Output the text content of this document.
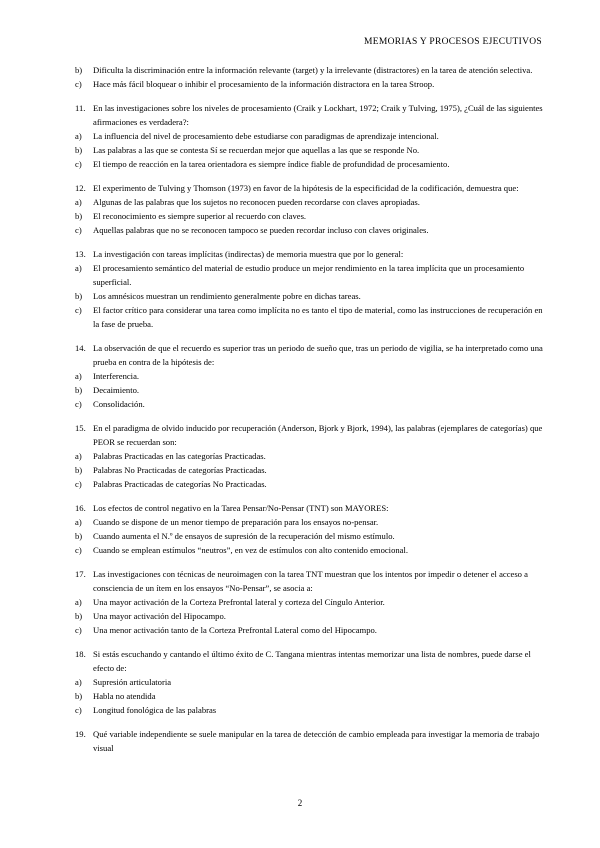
MEMORIAS Y PROCESOS EJECUTIVOS
b) Dificulta la discriminación entre la información relevante (target) y la irrelevante (distractores) en la tarea de atención selectiva.
c) Hace más fácil bloquear o inhibir el procesamiento de la información distractora en la tarea Stroop.
11. En las investigaciones sobre los niveles de procesamiento (Craik y Lockhart, 1972; Craik y Tulving, 1975), ¿Cuál de las siguientes afirmaciones es verdadera?:
a) La influencia del nivel de procesamiento debe estudiarse con paradigmas de aprendizaje intencional.
b) Las palabras a las que se contesta Sí se recuerdan mejor que aquellas a las que se responde No.
c) El tiempo de reacción en la tarea orientadora es siempre índice fiable de profundidad de procesamiento.
12. El experimento de Tulving y Thomson (1973) en favor de la hipótesis de la especificidad de la codificación, demuestra que:
a) Algunas de las palabras que los sujetos no reconocen pueden recordarse con claves apropiadas.
b) El reconocimiento es siempre superior al recuerdo con claves.
c) Aquellas palabras que no se reconocen tampoco se pueden recordar incluso con claves originales.
13. La investigación con tareas implícitas (indirectas) de memoria muestra que por lo general:
a) El procesamiento semántico del material de estudio produce un mejor rendimiento en la tarea implícita que un procesamiento superficial.
b) Los amnésicos muestran un rendimiento generalmente pobre en dichas tareas.
c) El factor crítico para considerar una tarea como implícita no es tanto el tipo de material, como las instrucciones de recuperación en la fase de prueba.
14. La observación de que el recuerdo es superior tras un periodo de sueño que, tras un periodo de vigilia, se ha interpretado como una prueba en contra de la hipótesis de:
a) Interferencia.
b) Decaimiento.
c) Consolidación.
15. En el paradigma de olvido inducido por recuperación (Anderson, Bjork y Bjork, 1994), las palabras (ejemplares de categorías) que PEOR se recuerdan son:
a) Palabras Practicadas en las categorías Practicadas.
b) Palabras No Practicadas de categorías Practicadas.
c) Palabras Practicadas de categorías No Practicadas.
16. Los efectos de control negativo en la Tarea Pensar/No-Pensar (TNT) son MAYORES:
a) Cuando se dispone de un menor tiempo de preparación para los ensayos no-pensar.
b) Cuando aumenta el N.º de ensayos de supresión de la recuperación del mismo estímulo.
c) Cuando se emplean estímulos “neutros”, en vez de estímulos con alto contenido emocional.
17. Las investigaciones con técnicas de neuroimagen con la tarea TNT muestran que los intentos por impedir o detener el acceso a consciencia de un ítem en los ensayos “No-Pensar”, se asocia a:
a) Una mayor activación de la Corteza Prefrontal lateral y corteza del Cíngulo Anterior.
b) Una mayor activación del Hipocampo.
c) Una menor activación tanto de la Corteza Prefrontal Lateral como del Hipocampo.
18. Si estás escuchando y cantando el último éxito de C. Tangana mientras intentas memorizar una lista de nombres, puede darse el efecto de:
a) Supresión articulatoria
b) Habla no atendida
c) Longitud fonológica de las palabras
19. Qué variable independiente se suele manipular en la tarea de detección de cambio empleada para investigar la memoria de trabajo visual
2
